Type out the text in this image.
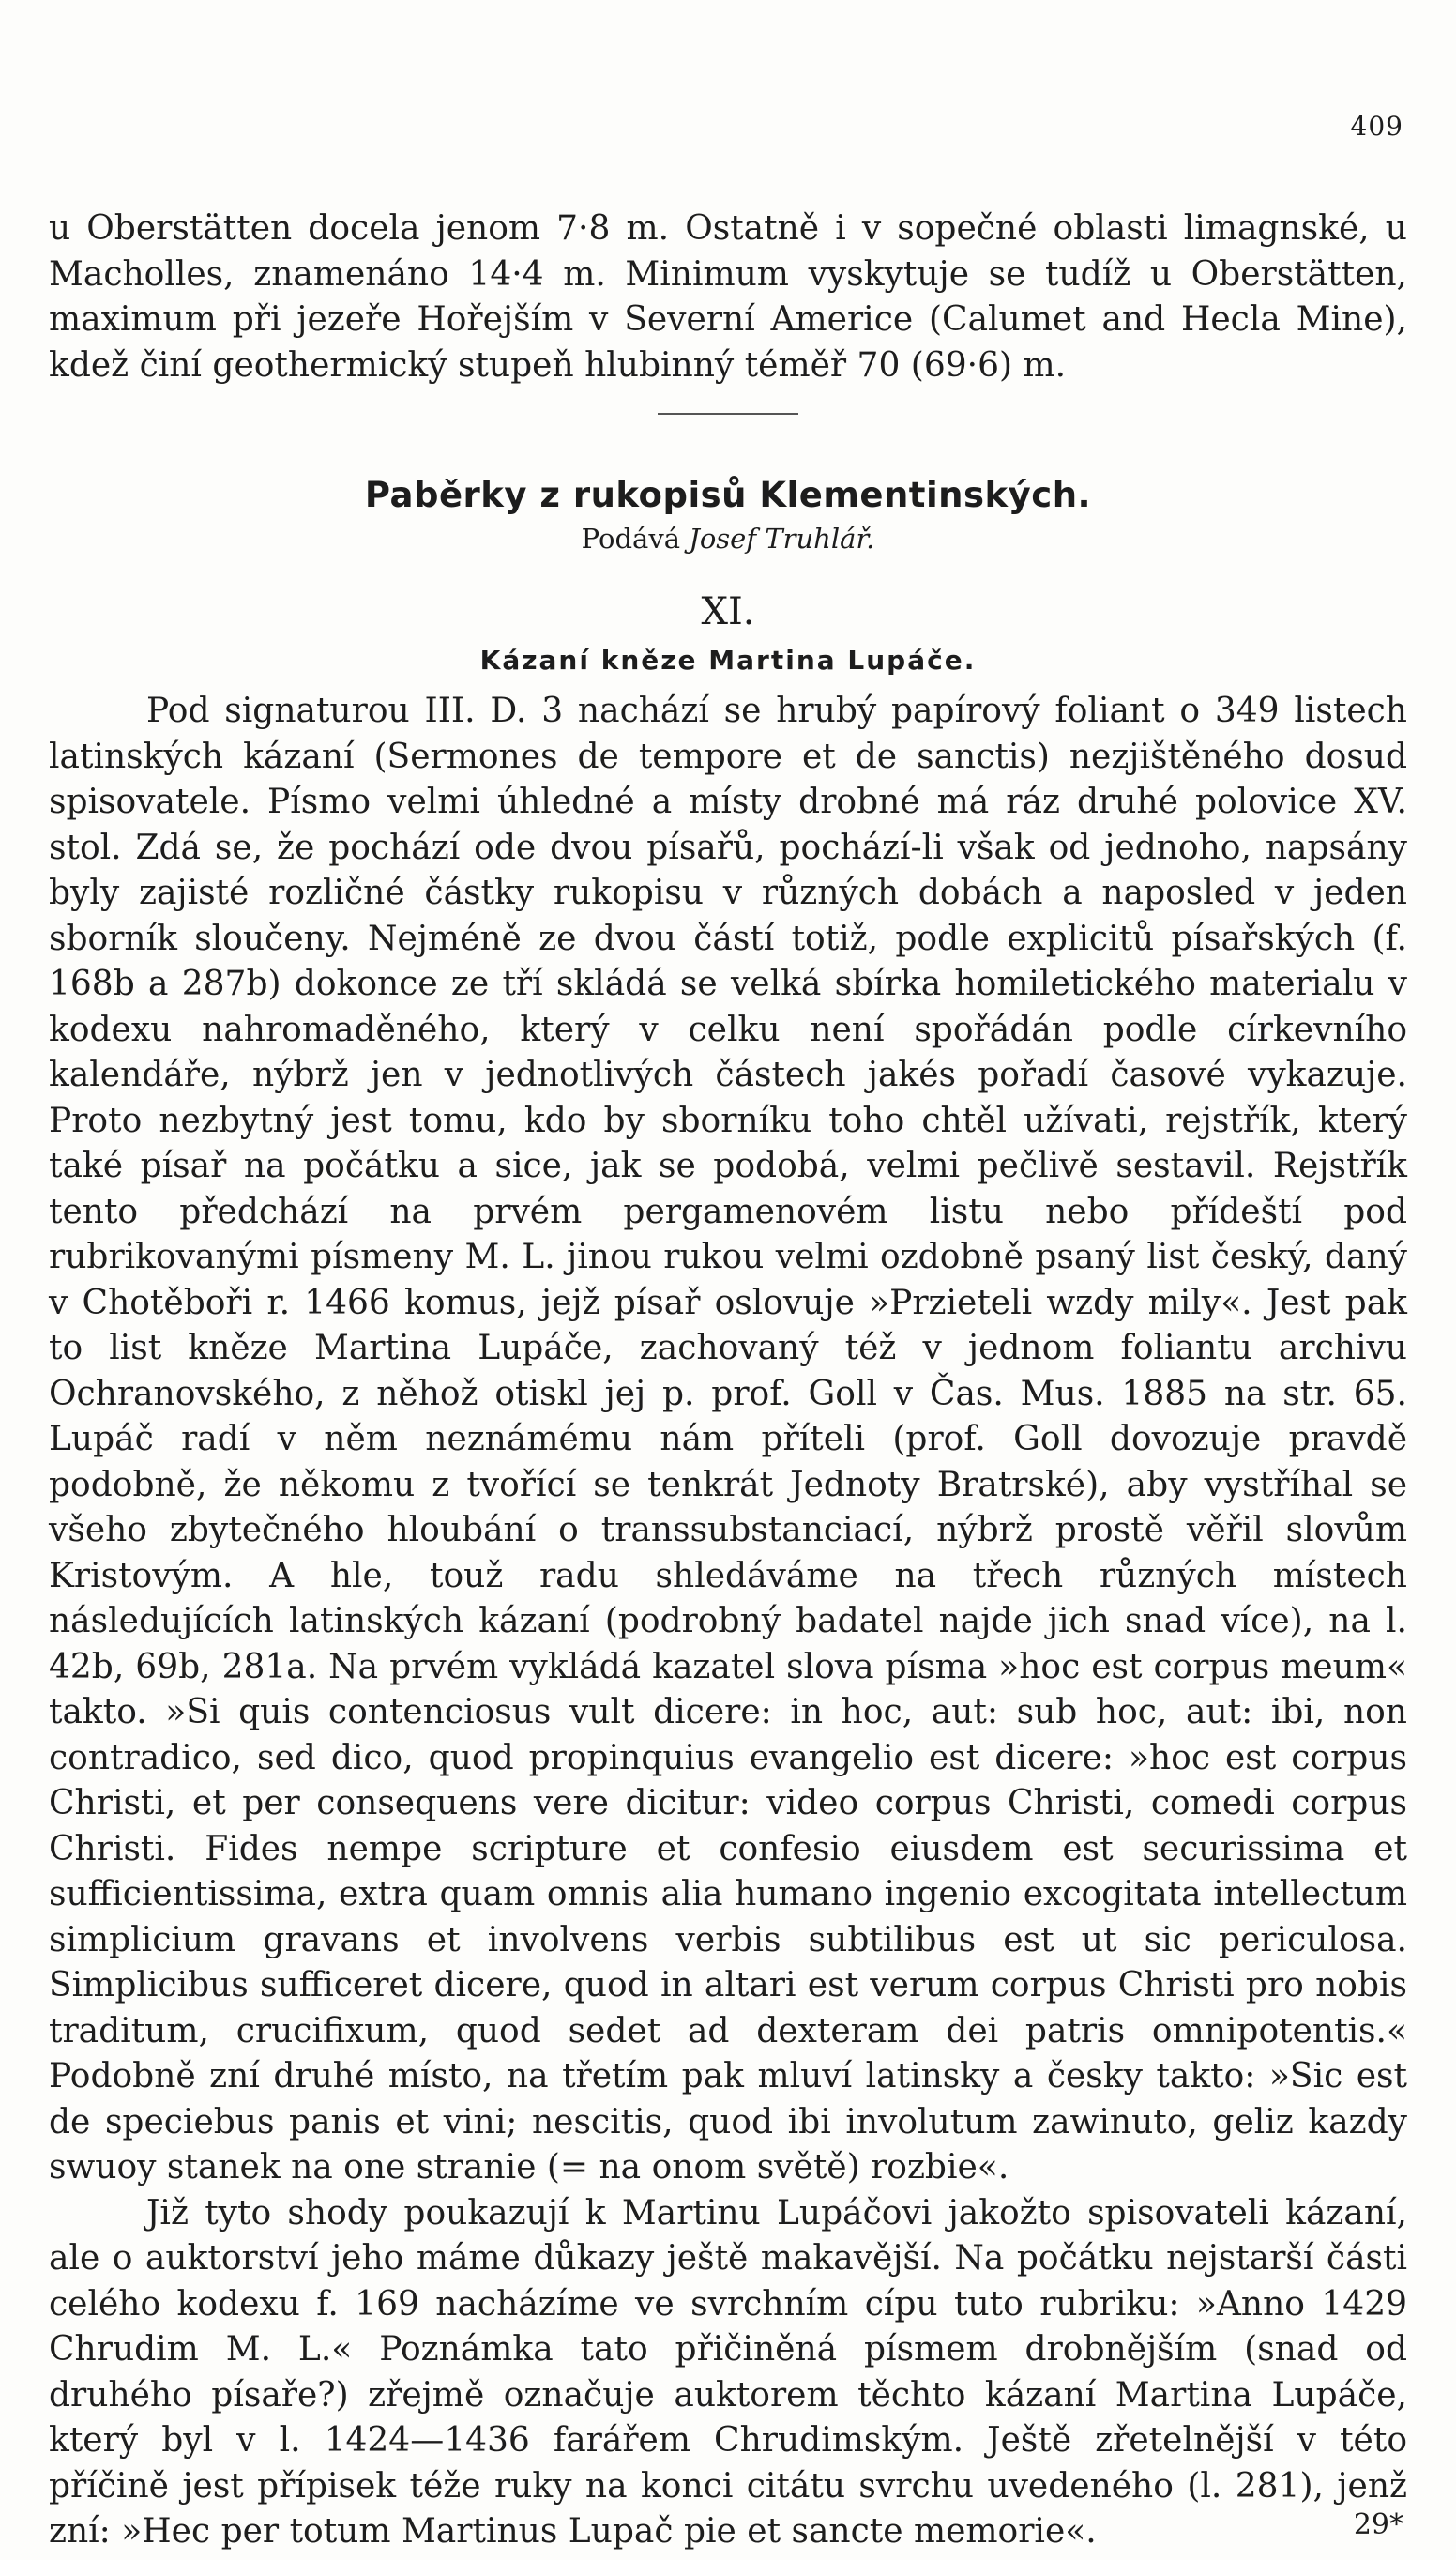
409

u Oberstätten docela jenom 7·8 m. Ostatně i v sopečné oblasti limagnské, u Macholles, znamenáno 14·4 m. Minimum vyskytuje se tudíž u Oberstätten, maximum při jezeře Hořejším v Severní Americe (Calumet and Hecla Mine), kdež činí geothermický stupeň hlubinný téměř 70 (69·6) m.

Paběrky z rukopisů Klementinských.
Podává Josef Truhlář.
XI.
Kázaní kněze Martina Lupáče.

Pod signaturou III. D. 3 nachází se hrubý papírový foliant o 349 listech latinských kázaní (Sermones de tempore et de sanctis) nezjištěného dosud spisovatele. Písmo velmi úhledné a místy drobné má ráz druhé polovice XV. stol. Zdá se, že pochází ode dvou písařů, pochází-li však od jednoho, napsány byly zajisté rozličné částky rukopisu v různých dobách a naposled v jeden sborník sloučeny. Nejméně ze dvou částí totiž, podle explicitů písařských (f. 168b a 287b) dokonce ze tří skládá se velká sbírka homiletického materialu v kodexu nahromaděného, který v celku není spořádán podle církevního kalendáře, nýbrž jen v jednotlivých částech jakés pořadí časové vykazuje. Proto nezbytný jest tomu, kdo by sborníku toho chtěl užívati, rejstřík, který také písař na počátku a sice, jak se podobá, velmi pečlivě sestavil. Rejstřík tento předchází na prvém pergamenovém listu nebo přídeští pod rubrikovanými písmeny M. L. jinou rukou velmi ozdobně psaný list český, daný v Chotěboři r. 1466 komus, jejž písař oslovuje »Przieteli wzdy mily«. Jest pak to list kněze Martina Lupáče, zachovaný též v jednom foliantu archivu Ochranovského, z něhož otiskl jej p. prof. Goll v Čas. Mus. 1885 na str. 65. Lupáč radí v něm neznámému nám příteli (prof. Goll dovozuje pravdě podobně, že někomu z tvořící se tenkrát Jednoty Bratrské), aby vystříhal se všeho zbytečného hloubání o transsubstanciací, nýbrž prostě věřil slovům Kristovým. A hle, touž radu shledáváme na třech různých místech následujících latinských kázaní (podrobný badatel najde jich snad více), na l. 42b, 69b, 281a. Na prvém vykládá kazatel slova písma »hoc est corpus meum« takto. »Si quis contenciosus vult dicere: in hoc, aut: sub hoc, aut: ibi, non contradico, sed dico, quod propinquius evangelio est dicere: »hoc est corpus Christi, et per consequens vere dicitur: video corpus Christi, comedi corpus Christi. Fides nempe scripture et confesio eiusdem est securissima et sufficientissima, extra quam omnis alia humano ingenio excogitata intellectum simplicium gravans et involvens verbis subtilibus est ut sic periculosa. Simplicibus sufficeret dicere, quod in altari est verum corpus Christi pro nobis traditum, crucifixum, quod sedet ad dexteram dei patris omnipotentis.« Podobně zní druhé místo, na třetím pak mluví latinsky a česky takto: »Sic est de speciebus panis et vini; nescitis, quod ibi involutum zawinuto, geliz kazdy swuoy stanek na one stranie (= na onom světě) rozbie«.

Již tyto shody poukazují k Martinu Lupáčovi jakožto spisovateli kázaní, ale o auktorství jeho máme důkazy ještě makavější. Na počátku nejstarší části celého kodexu f. 169 nacházíme ve svrchním cípu tuto rubriku: »Anno 1429 Chrudim M. L.« Poznámka tato přičiněná písmem drobnějším (snad od druhého písaře?) zřejmě označuje auktorem těchto kázaní Martina Lupáče, který byl v l. 1424—1436 farářem Chrudimským. Ještě zřetelnější v této příčině jest přípisek téže ruky na konci citátu svrchu uvedeného (l. 281), jenž zní: »Hec per totum Martinus Lupač pie et sancte memorie«.	29*
